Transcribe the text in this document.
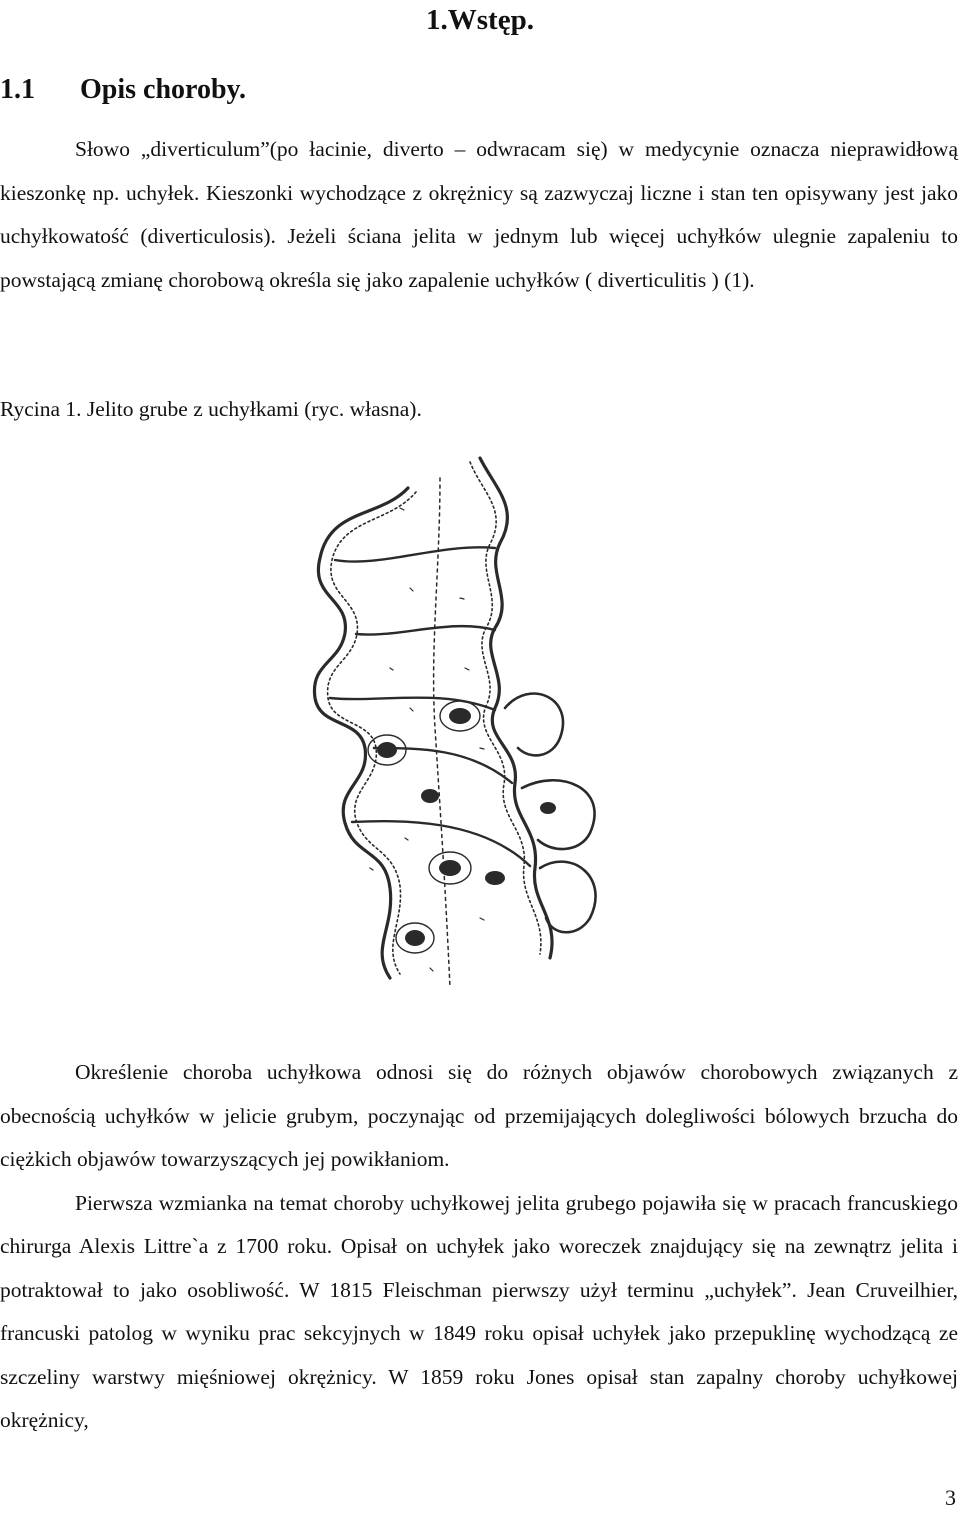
1.Wstęp.
1.1 Opis choroby.

Słowo „diverticulum”(po łacinie, diverto – odwracam się) w medycynie oznacza nieprawidłową kieszonkę np. uchyłek. Kieszonki wychodzące z okrężnicy są zazwyczaj liczne i stan ten opisywany jest jako uchyłkowatość (diverticulosis). Jeżeli ściana jelita w jednym lub więcej uchyłków ulegnie zapaleniu to powstającą zmianę chorobową określa się jako zapalenie uchyłków ( diverticulitis ) (1).

Rycina 1. Jelito grube z uchyłkami (ryc. własna).

Określenie choroba uchyłkowa odnosi się do różnych objawów chorobowych związanych z obecnością uchyłków w jelicie grubym, poczynając od przemijających dolegliwości bólowych brzucha do ciężkich objawów towarzyszących jej powikłaniom.

Pierwsza wzmianka na temat choroby uchyłkowej jelita grubego pojawiła się w pracach francuskiego chirurga Alexis Littre`a z 1700 roku. Opisał on uchyłek jako woreczek znajdujący się na zewnątrz jelita i potraktował to jako osobliwość. W 1815 Fleischman pierwszy użył terminu „uchyłek”. Jean Cruveilhier, francuski patolog w wyniku prac sekcyjnych w 1849 roku opisał uchyłek jako przepuklinę wychodzącą ze szczeliny warstwy mięśniowej okrężnicy. W 1859 roku Jones opisał stan zapalny choroby uchyłkowej okrężnicy,

3
